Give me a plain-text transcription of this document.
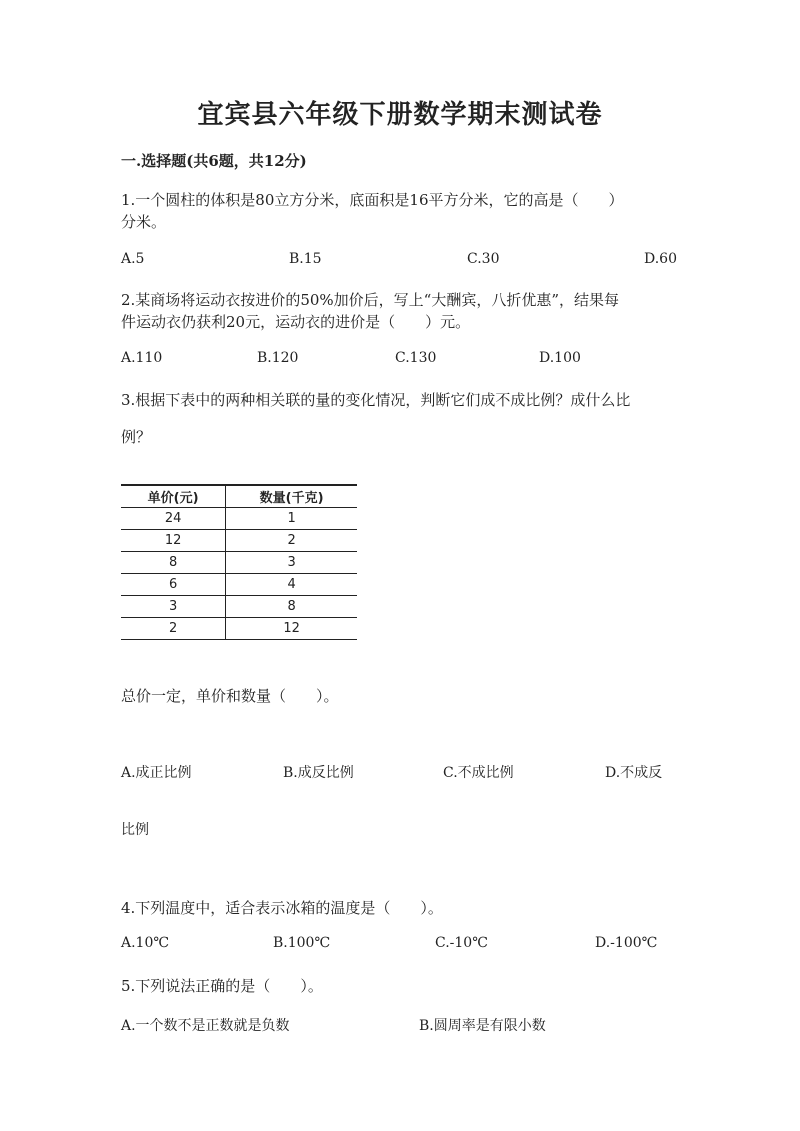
宜宾县六年级下册数学期末测试卷
一.选择题(共6题，共12分)
1.一个圆柱的体积是80立方分米，底面积是16平方分米，它的高是（　　）
分米。
A.5	B.15	C.30	D.60
2.某商场将运动衣按进价的50%加价后，写上“大酬宾，八折优惠”，结果每
件运动衣仍获利20元，运动衣的进价是（　　）元。
A.110	B.120	C.130	D.100
3.根据下表中的两种相关联的量的变化情况，判断它们成不成比例？成什么比
例？
单价(元)	数量(千克)
24	1
12	2
8	3
6	4
3	8
2	12
总价一定，单价和数量（　　）。
A.成正比例	B.成反比例	C.不成比例	D.不成反
比例
4.下列温度中，适合表示冰箱的温度是（　　）。
A.10℃	B.100℃	C.-10℃	D.-100℃
5.下列说法正确的是（　　）。
A.一个数不是正数就是负数	B.圆周率是有限小数
